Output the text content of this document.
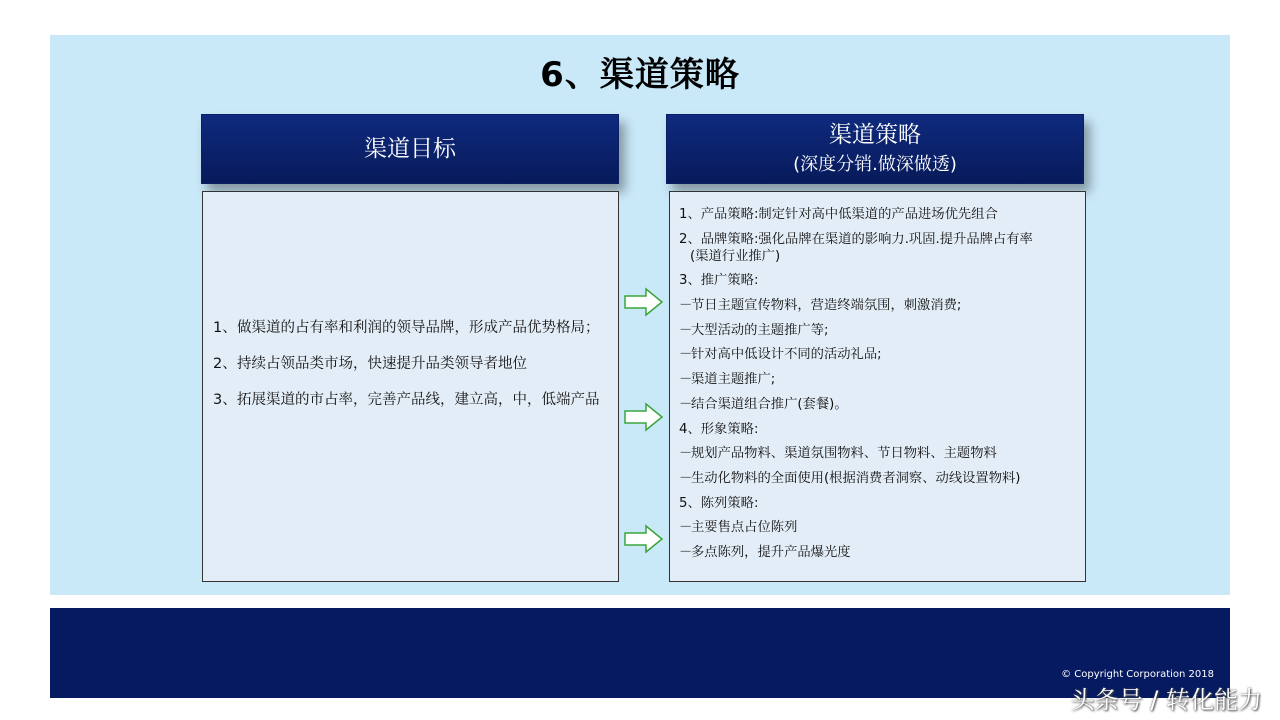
6、渠道策略
渠道目标
渠道策略
(深度分销.做深做透)
1、 做渠道的占有率和利润的领导品牌，形成产品优势格局；
2、 持续占领品类市场，快速提升品类领导者地位
3、 拓展渠道的市占率，完善产品线，建立高，中，低端产品
1、产品策略:制定针对高中低渠道的产品进场优先组合
2、品牌策略:强化品牌在渠道的影响力.巩固.提升品牌占有率
(渠道行业推广)
3、推广策略:
－节日主题宣传物料，营造终端氛围，刺激消费;
－大型活动的主题推广等;
－针对高中低设计不同的活动礼品;
－渠道主题推广;
－结合渠道组合推广(套餐)。
4、形象策略:
－规划产品物料、渠道氛围物料、节日物料、主题物料
－生动化物料的全面使用(根据消费者洞察、动线设置物料)
5、陈列策略:
－主要售点占位陈列
－多点陈列，提升产品爆光度
© Copyright Corporation 2018
头条号 / 转化能力
